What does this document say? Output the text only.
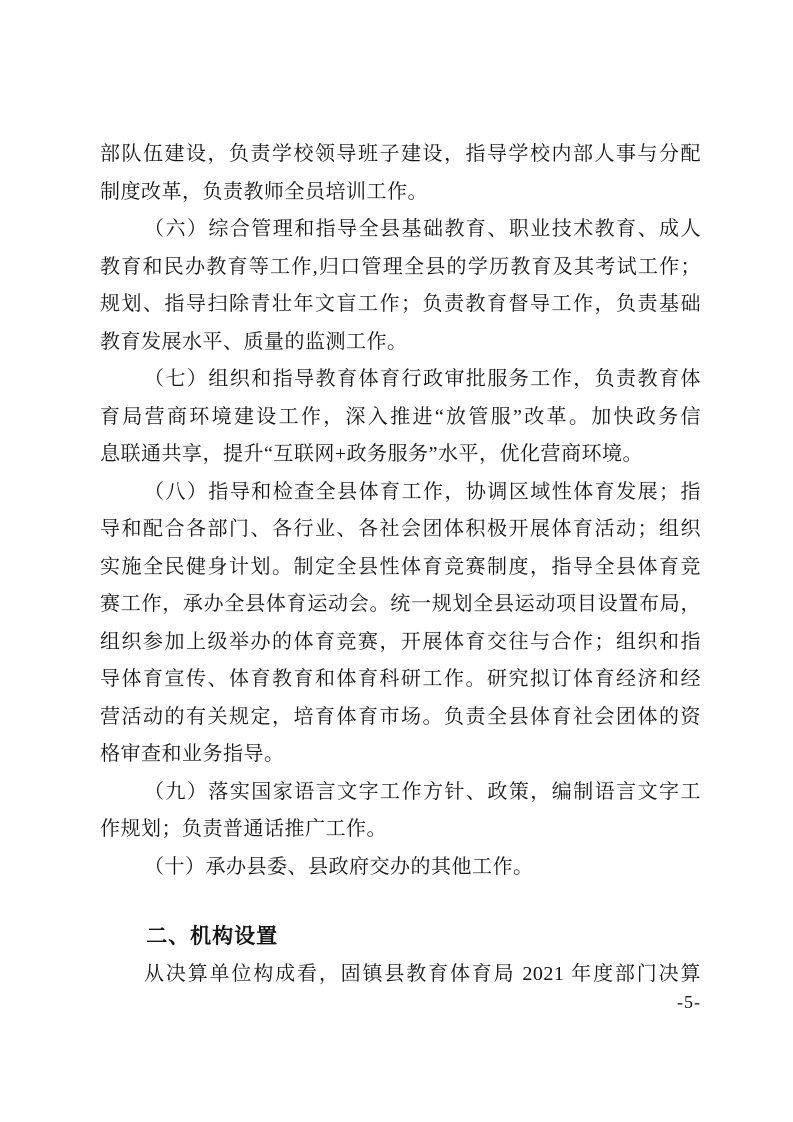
部队伍建设，负责学校领导班子建设，指导学校内部人事与分配
制度改革，负责教师全员培训工作。
（六）综合管理和指导全县基础教育、职业技术教育、成人
教育和民办教育等工作,归口管理全县的学历教育及其考试工作；
规划、指导扫除青壮年文盲工作；负责教育督导工作，负责基础
教育发展水平、质量的监测工作。
（七）组织和指导教育体育行政审批服务工作，负责教育体
育局营商环境建设工作，深入推进“放管服”改革。加快政务信
息联通共享，提升“互联网+政务服务”水平，优化营商环境。
（八）指导和检查全县体育工作，协调区域性体育发展；指
导和配合各部门、各行业、各社会团体积极开展体育活动；组织
实施全民健身计划。制定全县性体育竞赛制度，指导全县体育竞
赛工作，承办全县体育运动会。统一规划全县运动项目设置布局，
组织参加上级举办的体育竞赛，开展体育交往与合作；组织和指
导体育宣传、体育教育和体育科研工作。研究拟订体育经济和经
营活动的有关规定，培育体育市场。负责全县体育社会团体的资
格审查和业务指导。
（九）落实国家语言文字工作方针、政策，编制语言文字工
作规划；负责普通话推广工作。
（十）承办县委、县政府交办的其他工作。
二、机构设置
从决算单位构成看，固镇县教育体育局 2021 年度部门决算
-5-
